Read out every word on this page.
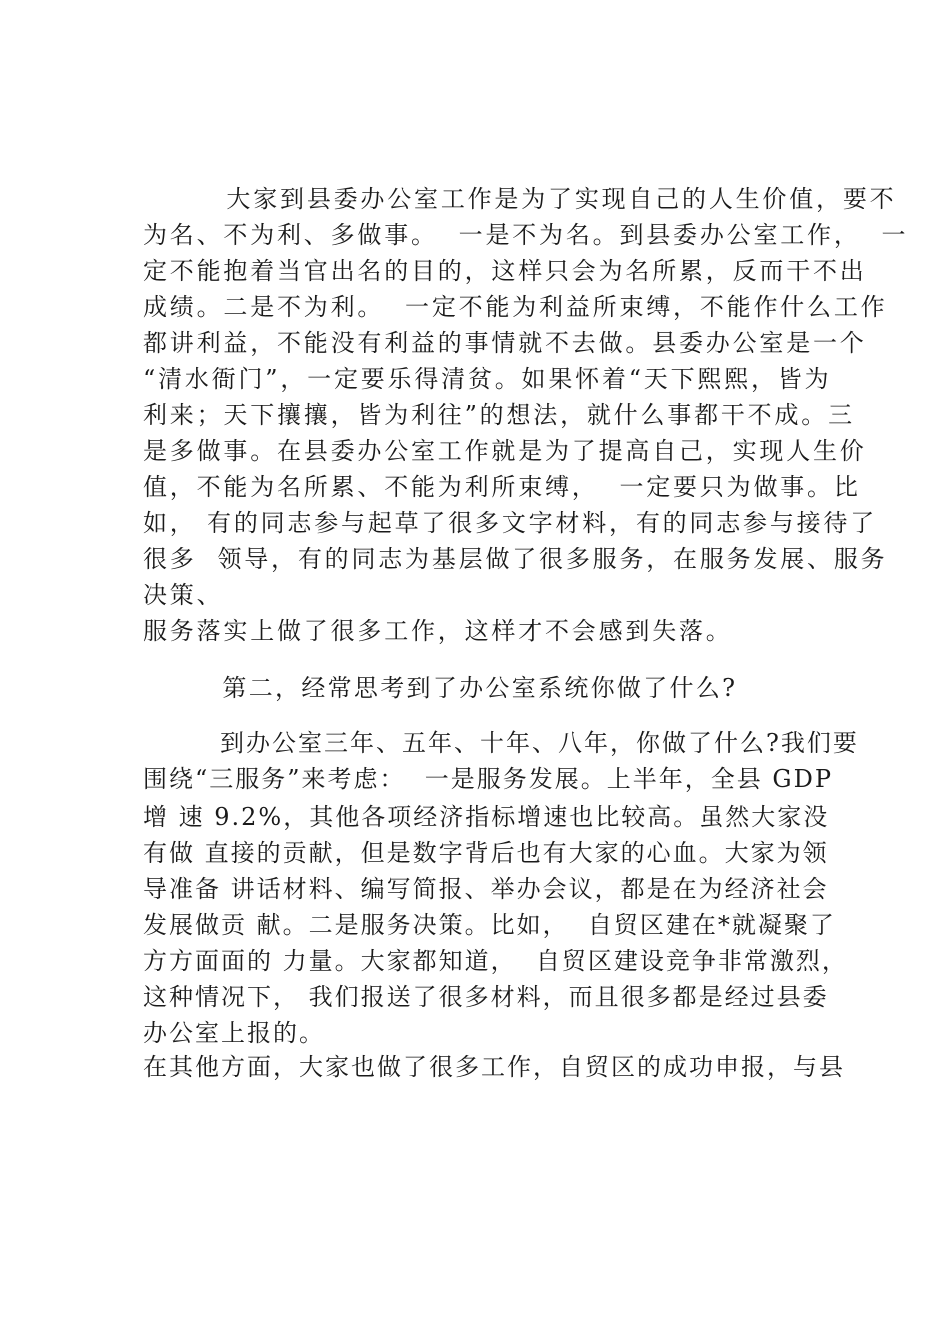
大家到县委办公室工作是为了实现自己的人生价值，要不

为名、不为利、多做事。  一是不为名。到县委办公室工作，  一

定不能抱着当官出名的目的，这样只会为名所累，反而干不出

成绩。二是不为利。  一定不能为利益所束缚，不能作什么工作

都讲利益，不能没有利益的事情就不去做。县委办公室是一个

“清水衙门”，一定要乐得清贫。如果怀着“天下熙熙，皆为

利来；天下攘攘，皆为利往”的想法，就什么事都干不成。三

是多做事。在县委办公室工作就是为了提高自己，实现人生价

值，不能为名所累、不能为利所束缚，  一定要只为做事。比

如， 有的同志参与起草了很多文字材料，有的同志参与接待了

很多  领导，有的同志为基层做了很多服务，在服务发展、服务

决策、

服务落实上做了很多工作，这样才不会感到失落。

第二，经常思考到了办公室系统你做了什么?

到办公室三年、五年、十年、八年，你做了什么?我们要

围绕“三服务”来考虑：  一是服务发展。上半年，全县 GDP

增 速 9.2%，其他各项经济指标增速也比较高。虽然大家没

有做 直接的贡献，但是数字背后也有大家的心血。大家为领

导准备 讲话材料、编写简报、举办会议，都是在为经济社会

发展做贡 献。二是服务决策。比如，  自贸区建在*就凝聚了

方方面面的 力量。大家都知道，  自贸区建设竞争非常激烈，

这种情况下， 我们报送了很多材料，而且很多都是经过县委

办公室上报的。

在其他方面，大家也做了很多工作，自贸区的成功申报，与县
